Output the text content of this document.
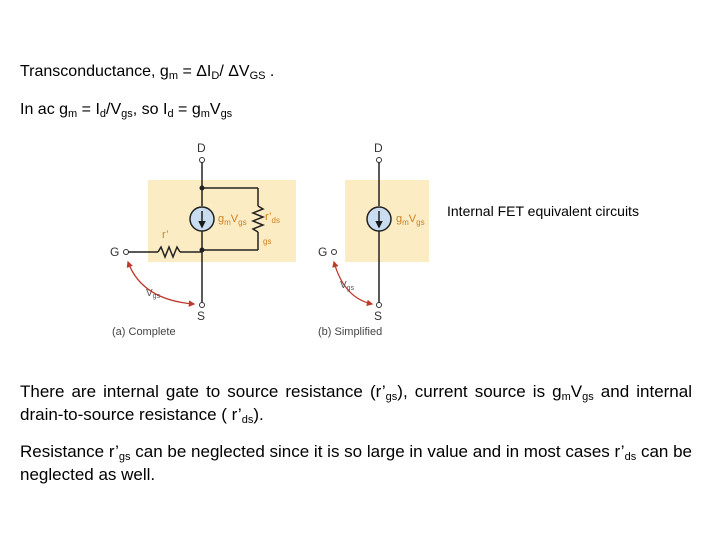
Transconductance, $g_m = \Delta I_D/$ $\Delta V_{GS}$ .
In ac $g_m = I_d/V_{gs}$, so $I_d = g_mV_{gs}$
D
$g_mV_{gs}$ $r’_{ds}$
gs
G
r’
S
$V_{gs}$
(a) Complete
D
$g_mV_{gs}$
G
S
$V_{gs}$
(b) Simplified
Internal FET equivalent circuits
There are internal gate to source resistance $(r’_{gs})$, current source is $g_mV_{gs}$ and internal drain-to-source resistance ( $r’_{ds}$).
Resistance $r’_{gs}$ can be neglected since it is so large in value and in most cases $r’_{ds}$ can be neglected as well.
